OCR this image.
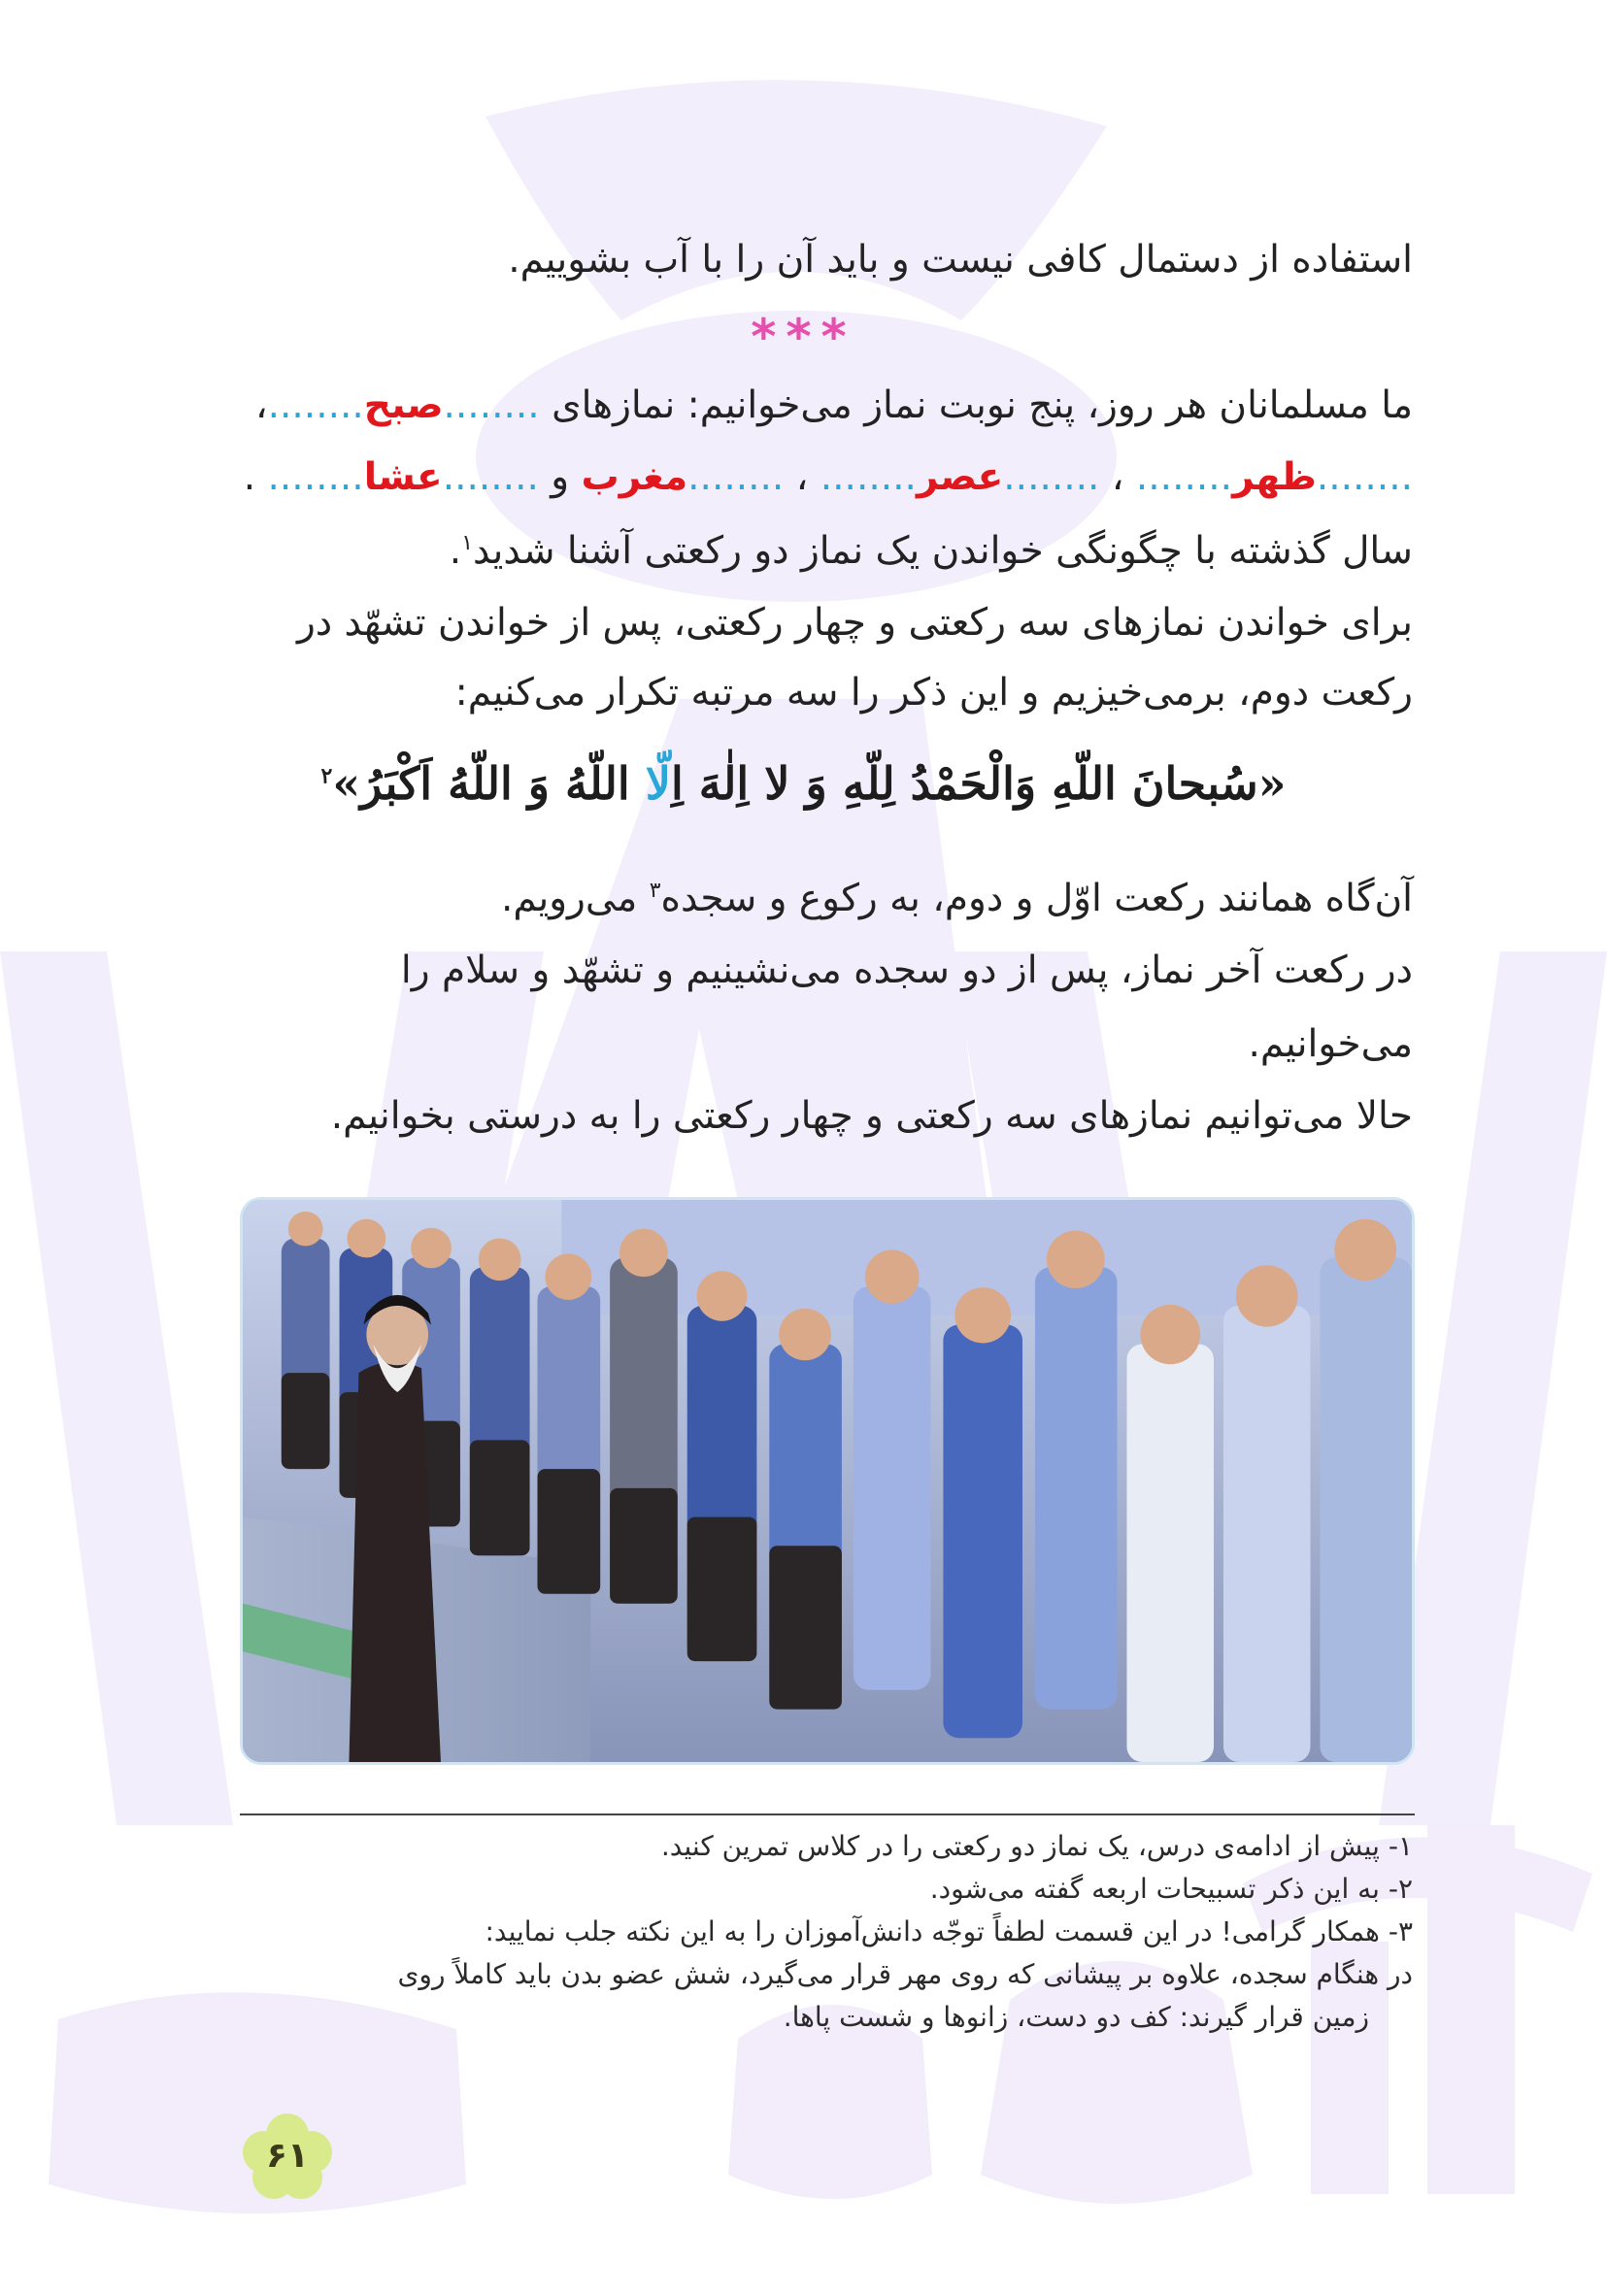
استفاده از دستمال کافی نیست و باید آن را با آب بشوییم.
***
ما مسلمانان هر روز، پنج نوبت نماز می‌خوانیم: نمازهای ........صبح........،
........ظهر........ ، ........عصر........ ، ........مغرب و ........عشا........ .
سال گذشته با چگونگی خواندن یک نماز دو رکعتی آشنا شدید$^۱$.
برای خواندن نمازهای سه رکعتی و چهار رکعتی، پس از خواندن تشهّد در
رکعت دوم، برمی‌خیزیم و این ذکر را سه مرتبه تکرار می‌کنیم:
«سُبحانَ اللّهِ وَالْحَمْدُ لِلّهِ وَ لا اِلٰهَ اِلّا اللّهُ وَ اللّهُ اَکْبَرُ»$^۲$
آن‌گاه همانند رکعت اوّل و دوم، به رکوع و سجده$^۳$ می‌رویم.
در رکعت آخر نماز، پس از دو سجده می‌نشینیم و تشهّد و سلام را
می‌خوانیم.
حالا می‌توانیم نمازهای سه رکعتی و چهار رکعتی را به درستی بخوانیم.
۱- پیش از ادامه‌ی درس، یک نماز دو رکعتی را در کلاس تمرین کنید.
۲- به این ذکر تسبیحات اربعه گفته می‌شود.
۳- همکار گرامی! در این قسمت لطفاً توجّه دانش‌آموزان را به این نکته جلب نمایید:
در هنگام سجده، علاوه بر پیشانی که روی مهر قرار می‌گیرد، شش عضو بدن باید کاملاً روی
زمین قرار گیرند: کف دو دست، زانوها و شست پاها.
۶۱
